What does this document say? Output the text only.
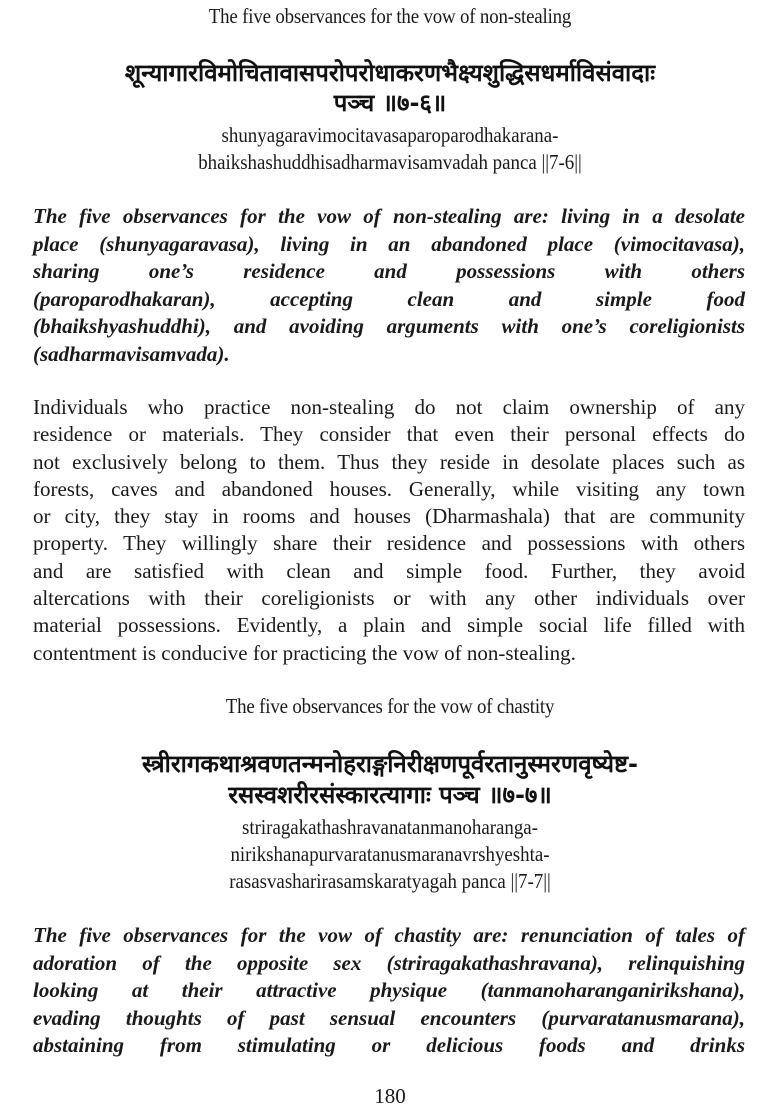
The five observances for the vow of non-stealing
शून्यागारविमोचितावासपरोपरोधाकरणभैक्ष्यशुद्धिसधर्माविसंवादाः
पञ्च ॥७-६॥
shunyagaravimocitavasaparoparodhakarana-
bhaikshashuddhisadharmavisamvadah panca ||7-6||
The five observances for the vow of non-stealing are: living in a desolate
place (shunyagaravasa), living in an abandoned place (vimocitavasa),
sharing one’s residence and possessions with others
(paroparodhakaran), accepting clean and simple food
(bhaikshyashuddhi), and avoiding arguments with one’s coreligionists
(sadharmavisamvada).
Individuals who practice non-stealing do not claim ownership of any
residence or materials. They consider that even their personal effects do
not exclusively belong to them. Thus they reside in desolate places such as
forests, caves and abandoned houses. Generally, while visiting any town
or city, they stay in rooms and houses (Dharmashala) that are community
property. They willingly share their residence and possessions with others
and are satisfied with clean and simple food. Further, they avoid
altercations with their coreligionists or with any other individuals over
material possessions. Evidently, a plain and simple social life filled with
contentment is conducive for practicing the vow of non-stealing.
The five observances for the vow of chastity
स्त्रीरागकथाश्रवणतन्मनोहराङ्गनिरीक्षणपूर्वरतानुस्मरणवृष्येष्ट-
रसस्वशरीरसंस्कारत्यागाः पञ्च ॥७-७॥
striragakathashravanatanmanoharanga-
nirikshanapurvaratanusmaranavrshyeshta-
rasasvasharirasamskaratyagah panca ||7-7||
The five observances for the vow of chastity are: renunciation of tales of
adoration of the opposite sex (striragakathashravana), relinquishing
looking at their attractive physique (tanmanoharanganirikshana),
evading thoughts of past sensual encounters (purvaratanusmarana),
abstaining from stimulating or delicious foods and drinks
180
